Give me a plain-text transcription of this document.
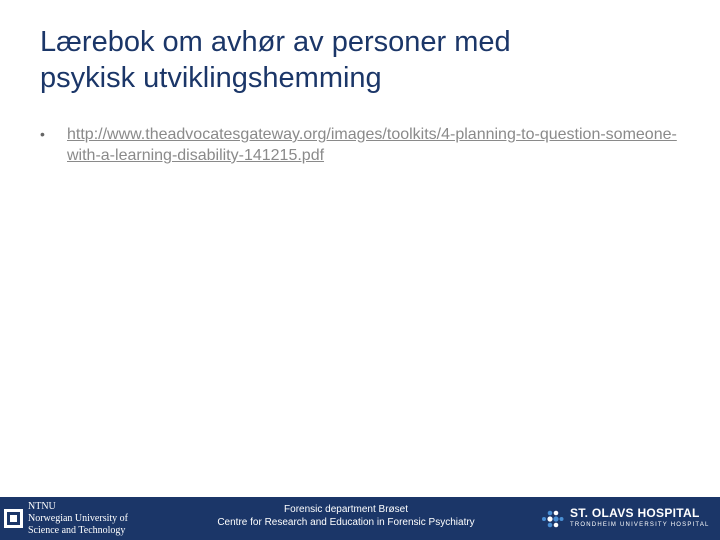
Lærebok om avhør av personer med
psykisk utviklingshemming
•	http://www.theadvocatesgateway.org/images/toolkits/4-planning-to-question-someone-with-a-learning-disability-141215.pdf
NTNU
Norwegian University of
Science and Technology
Forensic department Brøset
Centre for Research and Education in Forensic Psychiatry
ST. OLAVS HOSPITAL
TRONDHEIM UNIVERSITY HOSPITAL
